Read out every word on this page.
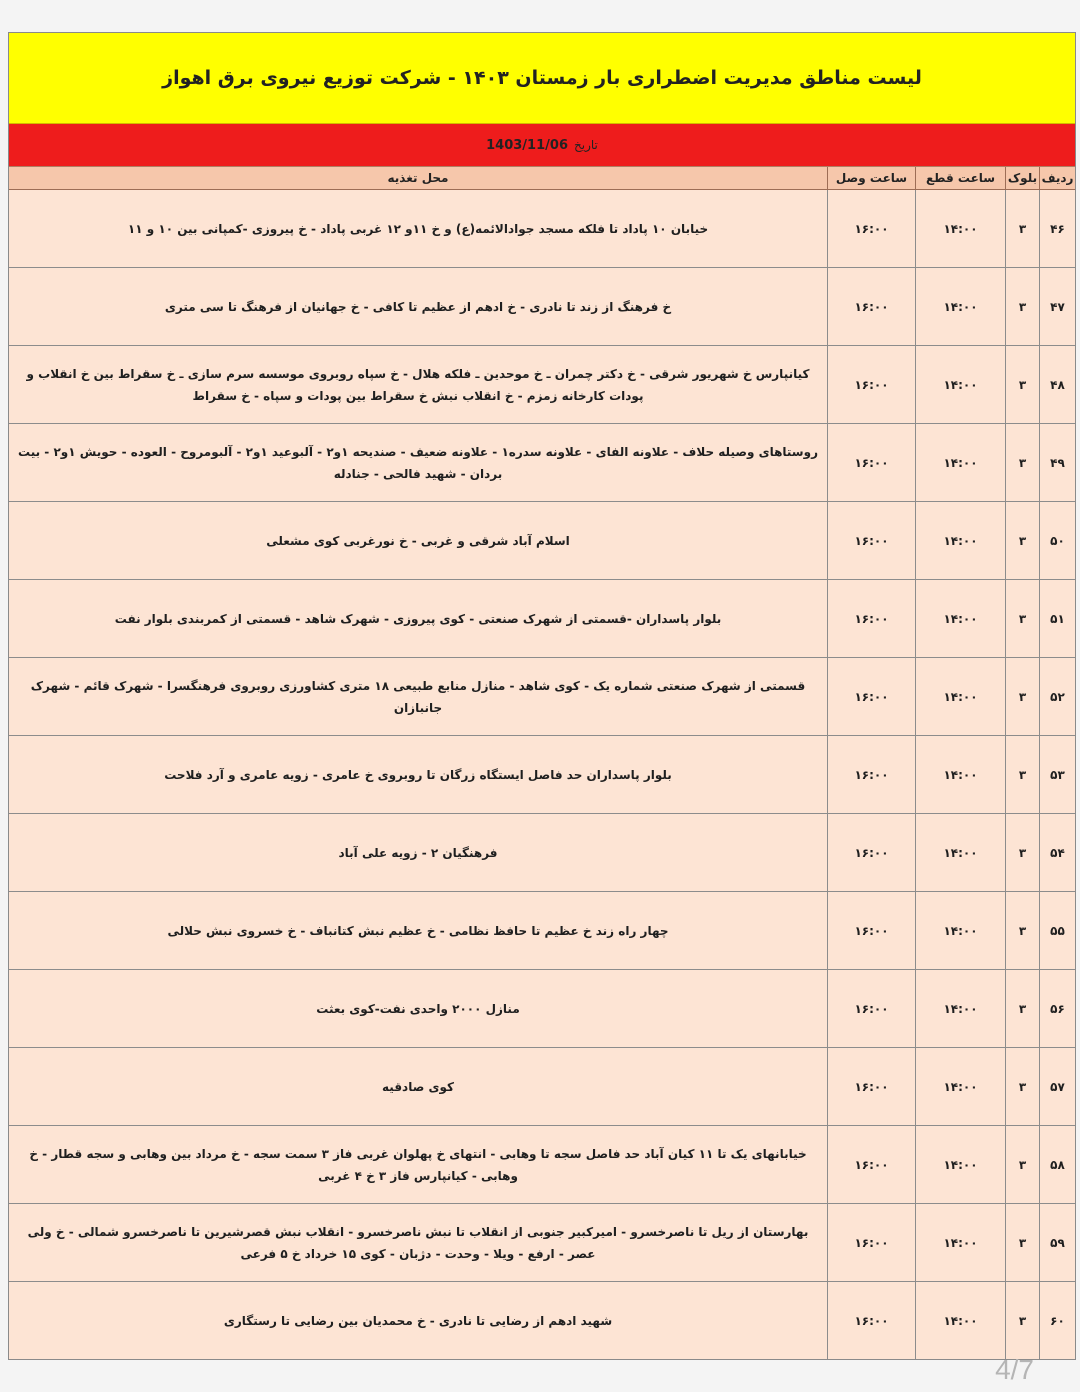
لیست مناطق مدیریت اضطراری بار زمستان ۱۴۰۳ - شرکت توزیع نیروی برق اهواز
تاریخ
1403/11/06
ردیف
بلوک
ساعت قطع
ساعت وصل
محل تغذیه
۴۶
۳
۱۴:۰۰
۱۶:۰۰
خیابان ۱۰ پاداد تا فلکه مسجد جوادالائمه(ع) و خ ۱۱و ۱۲ غربی پاداد - خ پیروزی -کمپانی بین ۱۰ و ۱۱
۴۷
۳
۱۴:۰۰
۱۶:۰۰
خ فرهنگ از زند تا نادری - خ ادهم از عظیم تا کافی - خ جهانیان از فرهنگ تا سی متری
۴۸
۳
۱۴:۰۰
۱۶:۰۰
کیانپارس خ شهریور شرقی - خ دکتر چمران ـ خ موحدین ـ فلکه هلال - خ سپاه روبروی موسسه سرم سازی ـ خ سقراط بین خ انقلاب و پودات کارخانه زمزم - خ انقلاب نبش خ سقراط بین پودات و سپاه - خ سقراط
۴۹
۳
۱۴:۰۰
۱۶:۰۰
روستاهای وصیله حلاف - علاونه الفای - علاونه سدره۱ - علاونه ضعیف - صندیحه ۱و۲ - آلبوعید ۱و۲ - آلبومروح - العوده - حویش ۱و۲ - بیت بردان - شهید فالحی - جنادله
۵۰
۳
۱۴:۰۰
۱۶:۰۰
اسلام آباد شرقی و غربی - خ نورغربی کوی مشعلی
۵۱
۳
۱۴:۰۰
۱۶:۰۰
بلوار پاسداران -قسمتی از شهرک صنعتی - کوی پیروزی - شهرک شاهد - قسمتی از کمربندی بلوار نفت
۵۲
۳
۱۴:۰۰
۱۶:۰۰
قسمتی از شهرک صنعتی شماره یک - کوی شاهد - منازل منابع طبیعی ۱۸ متری کشاورزی روبروی فرهنگسرا - شهرک قائم - شهرک جانبازان
۵۳
۳
۱۴:۰۰
۱۶:۰۰
بلوار پاسداران حد فاصل ایستگاه زرگان تا روبروی خ عامری - زویه عامری و آرد فلاحت
۵۴
۳
۱۴:۰۰
۱۶:۰۰
فرهنگیان ۲ - زویه علی آباد
۵۵
۳
۱۴:۰۰
۱۶:۰۰
چهار راه زند خ عظیم تا حافظ نظامی - خ عظیم نبش کتانباف - خ خسروی نبش حلالی
۵۶
۳
۱۴:۰۰
۱۶:۰۰
منازل ۲۰۰۰ واحدی نفت-کوی بعثت
۵۷
۳
۱۴:۰۰
۱۶:۰۰
کوی صادقیه
۵۸
۳
۱۴:۰۰
۱۶:۰۰
خیابانهای یک تا ۱۱ کیان آباد حد فاصل سجه تا وهابی - انتهای خ پهلوان غربی فاز ۳ سمت سجه - خ مرداد بین وهابی و سجه قطار - خ وهابی - کیانپارس فاز ۳ خ ۴ غربی
۵۹
۳
۱۴:۰۰
۱۶:۰۰
بهارستان از ریل تا ناصرخسرو - امیرکبیر جنوبی از انقلاب تا نبش ناصرخسرو - انقلاب نبش قصرشیرین تا ناصرخسرو شمالی - خ ولی عصر - ارفع - ویلا - وحدت - دژبان - کوی ۱۵ خرداد خ ۵ فرعی
۶۰
۳
۱۴:۰۰
۱۶:۰۰
شهید ادهم از رضایی تا نادری - خ محمدیان بین رضایی تا رستگاری
4/7
